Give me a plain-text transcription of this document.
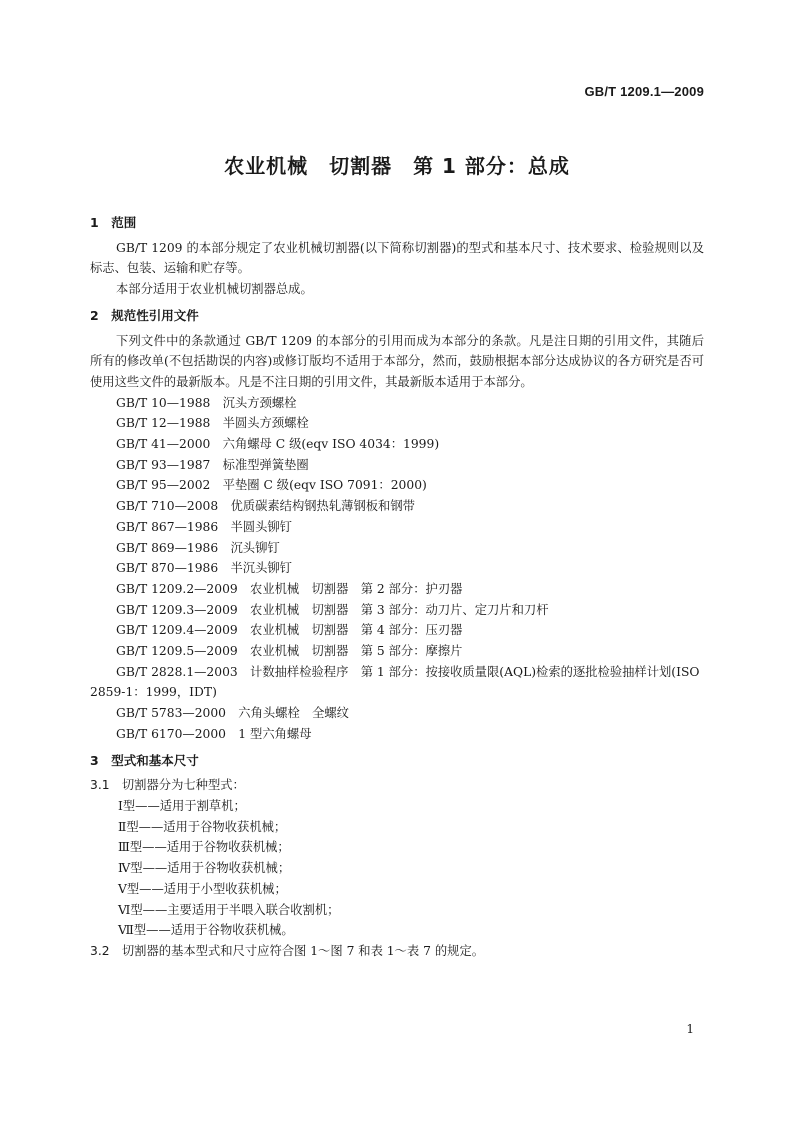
GB/T 1209.1—2009
农业机械　切割器　第 1 部分：总成
1　范围

GB/T 1209 的本部分规定了农业机械切割器(以下简称切割器)的型式和基本尺寸、技术要求、检验规则以及标志、包装、运输和贮存等。

本部分适用于农业机械切割器总成。

2　规范性引用文件

下列文件中的条款通过 GB/T 1209 的本部分的引用而成为本部分的条款。凡是注日期的引用文件，其随后所有的修改单(不包括勘误的内容)或修订版均不适用于本部分，然而，鼓励根据本部分达成协议的各方研究是否可使用这些文件的最新版本。凡是不注日期的引用文件，其最新版本适用于本部分。

GB/T 10—1988　沉头方颈螺栓
GB/T 12—1988　半圆头方颈螺栓
GB/T 41—2000　六角螺母 C 级(eqv ISO 4034：1999)
GB/T 93—1987　标准型弹簧垫圈
GB/T 95—2002　平垫圈 C 级(eqv ISO 7091：2000)
GB/T 710—2008　优质碳素结构钢热轧薄钢板和钢带
GB/T 867—1986　半圆头铆钉
GB/T 869—1986　沉头铆钉
GB/T 870—1986　半沉头铆钉
GB/T 1209.2—2009　农业机械　切割器　第 2 部分：护刃器
GB/T 1209.3—2009　农业机械　切割器　第 3 部分：动刀片、定刀片和刀杆
GB/T 1209.4—2009　农业机械　切割器　第 4 部分：压刃器
GB/T 1209.5—2009　农业机械　切割器　第 5 部分：摩擦片
GB/T 2828.1—2003　计数抽样检验程序　第 1 部分：按接收质量限(AQL)检索的逐批检验抽样计划(ISO 2859-1：1999，IDT)
GB/T 5783—2000　六角头螺栓　全螺纹
GB/T 6170—2000　1 型六角螺母
3　型式和基本尺寸
3.1　 切割器分为七种型式：
Ⅰ型——适用于割草机；
Ⅱ型——适用于谷物收获机械；
Ⅲ型——适用于谷物收获机械；
Ⅳ型——适用于谷物收获机械；
Ⅴ型——适用于小型收获机械；
Ⅵ型——主要适用于半喂入联合收割机；
Ⅶ型——适用于谷物收获机械。
3.2　 切割器的基本型式和尺寸应符合图 1～图 7 和表 1～表 7 的规定。
1
